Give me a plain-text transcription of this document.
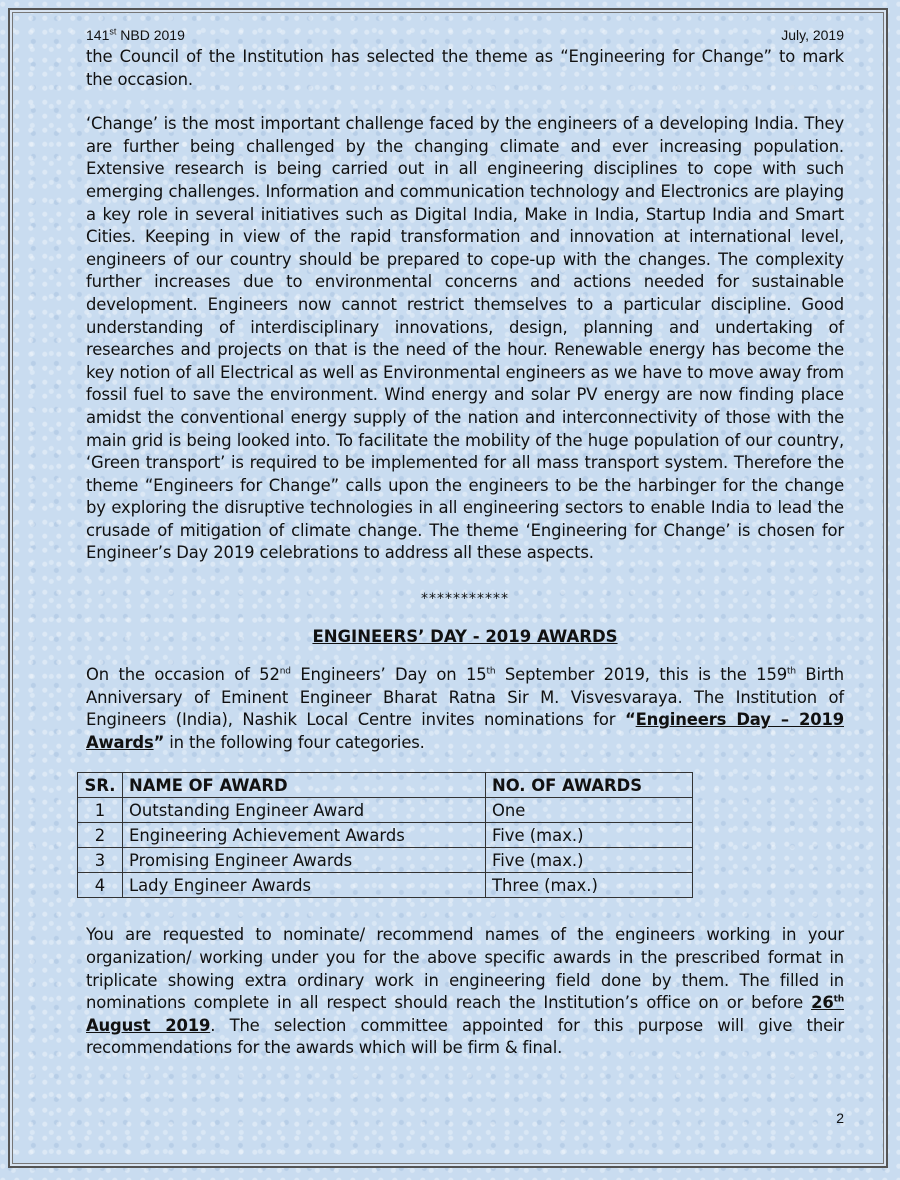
141st NBD 2019	July, 2019

the Council of the Institution has selected the theme as “Engineering for Change” to mark the occasion.

‘Change’ is the most important challenge faced by the engineers of a developing India. They are further being challenged by the changing climate and ever increasing population. Extensive research is being carried out in all engineering disciplines to cope with such emerging challenges. Information and communication technology and Electronics are playing a key role in several initiatives such as Digital India, Make in India, Startup India and Smart Cities. Keeping in view of the rapid transformation and innovation at international level, engineers of our country should be prepared to cope-up with the changes. The complexity further increases due to environmental concerns and actions needed for sustainable development. Engineers now cannot restrict themselves to a particular discipline. Good understanding of interdisciplinary innovations, design, planning and undertaking of researches and projects on that is the need of the hour. Renewable energy has become the key notion of all Electrical as well as Environmental engineers as we have to move away from fossil fuel to save the environment. Wind energy and solar PV energy are now finding place amidst the conventional energy supply of the nation and interconnectivity of those with the main grid is being looked into. To facilitate the mobility of the huge population of our country, ‘Green transport’ is required to be implemented for all mass transport system. Therefore the theme “Engineers for Change” calls upon the engineers to be the harbinger for the change by exploring the disruptive technologies in all engineering sectors to enable India to lead the crusade of mitigation of climate change. The theme ‘Engineering for Change’ is chosen for Engineer’s Day 2019 celebrations to address all these aspects.

***********
ENGINEERS’ DAY - 2019 AWARDS

On the occasion of 52nd Engineers’ Day on 15th September 2019, this is the 159th Birth Anniversary of Eminent Engineer Bharat Ratna Sir M. Visvesvaraya. The Institution of Engineers (India), Nashik Local Centre invites nominations for “Engineers Day – 2019 Awards” in the following four categories.

SR.	NAME OF AWARD	NO. OF AWARDS
1	Outstanding Engineer Award	One
2	Engineering Achievement Awards	Five (max.)
3	Promising Engineer Awards	Five (max.)
4	Lady Engineer Awards	Three (max.)

You are requested to nominate/ recommend names of the engineers working in your organization/ working under you for the above specific awards in the prescribed format in triplicate showing extra ordinary work in engineering field done by them. The filled in nominations complete in all respect should reach the Institution’s office on or before 26th August 2019. The selection committee appointed for this purpose will give their recommendations for the awards which will be firm & final.

2
